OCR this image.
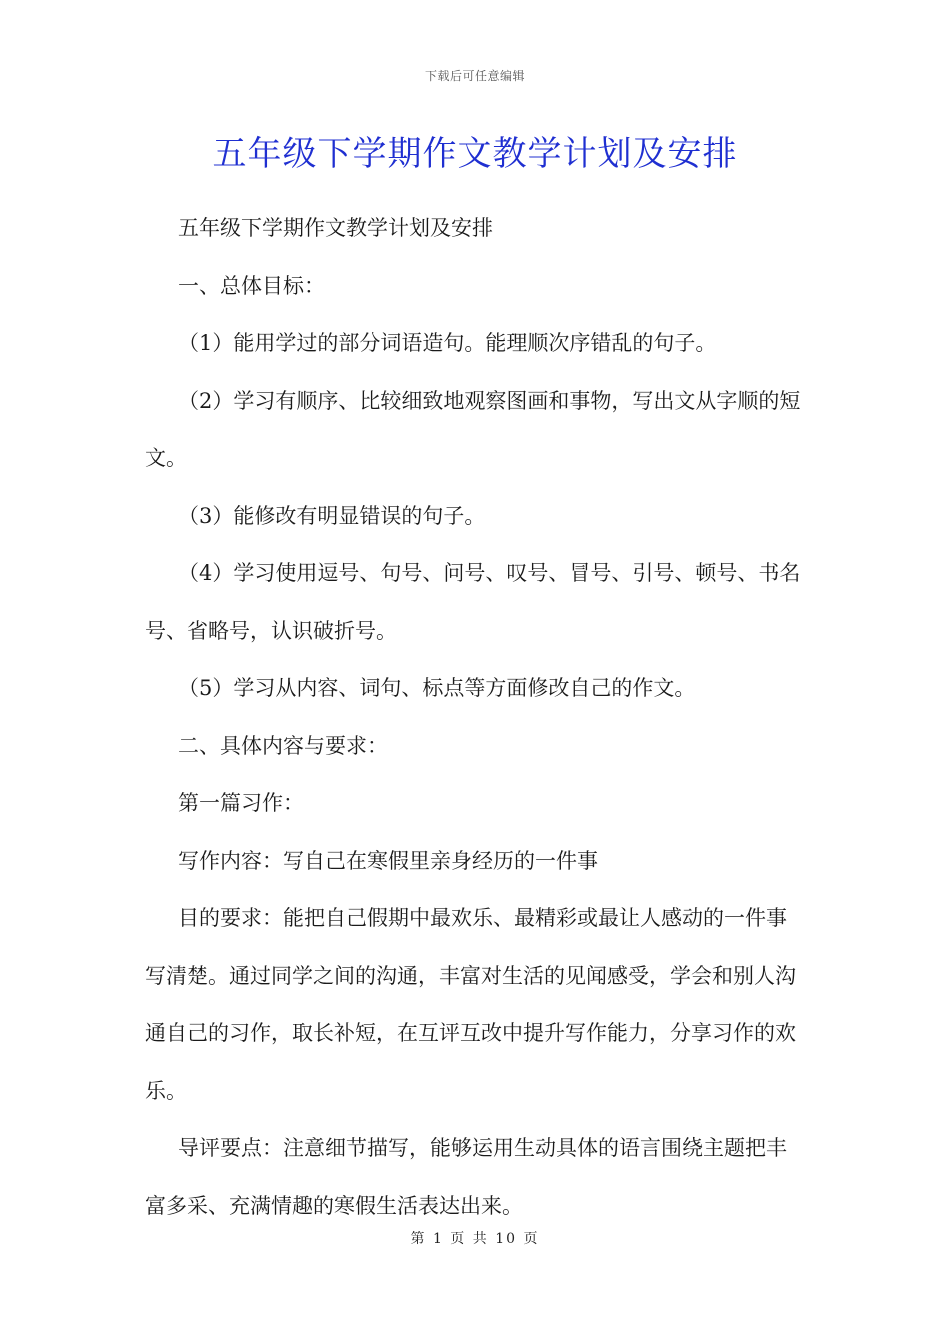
下载后可任意编辑
五年级下学期作文教学计划及安排

五年级下学期作文教学计划及安排

一、总体目标：

（1）能用学过的部分词语造句。能理顺次序错乱的句子。

（2）学习有顺序、比较细致地观察图画和事物，写出文从字顺的短文。

（3）能修改有明显错误的句子。

（4）学习使用逗号、句号、问号、叹号、冒号、引号、顿号、书名号、省略号，认识破折号。

（5）学习从内容、词句、标点等方面修改自己的作文。

二、具体内容与要求：

第一篇习作：

写作内容：写自己在寒假里亲身经历的一件事

目的要求：能把自己假期中最欢乐、最精彩或最让人感动的一件事写清楚。通过同学之间的沟通，丰富对生活的见闻感受，学会和别人沟通自己的习作，取长补短，在互评互改中提升写作能力，分享习作的欢乐。

导评要点：注意细节描写，能够运用生动具体的语言围绕主题把丰富多采、充满情趣的寒假生活表达出来。

第 1 页 共 10 页
